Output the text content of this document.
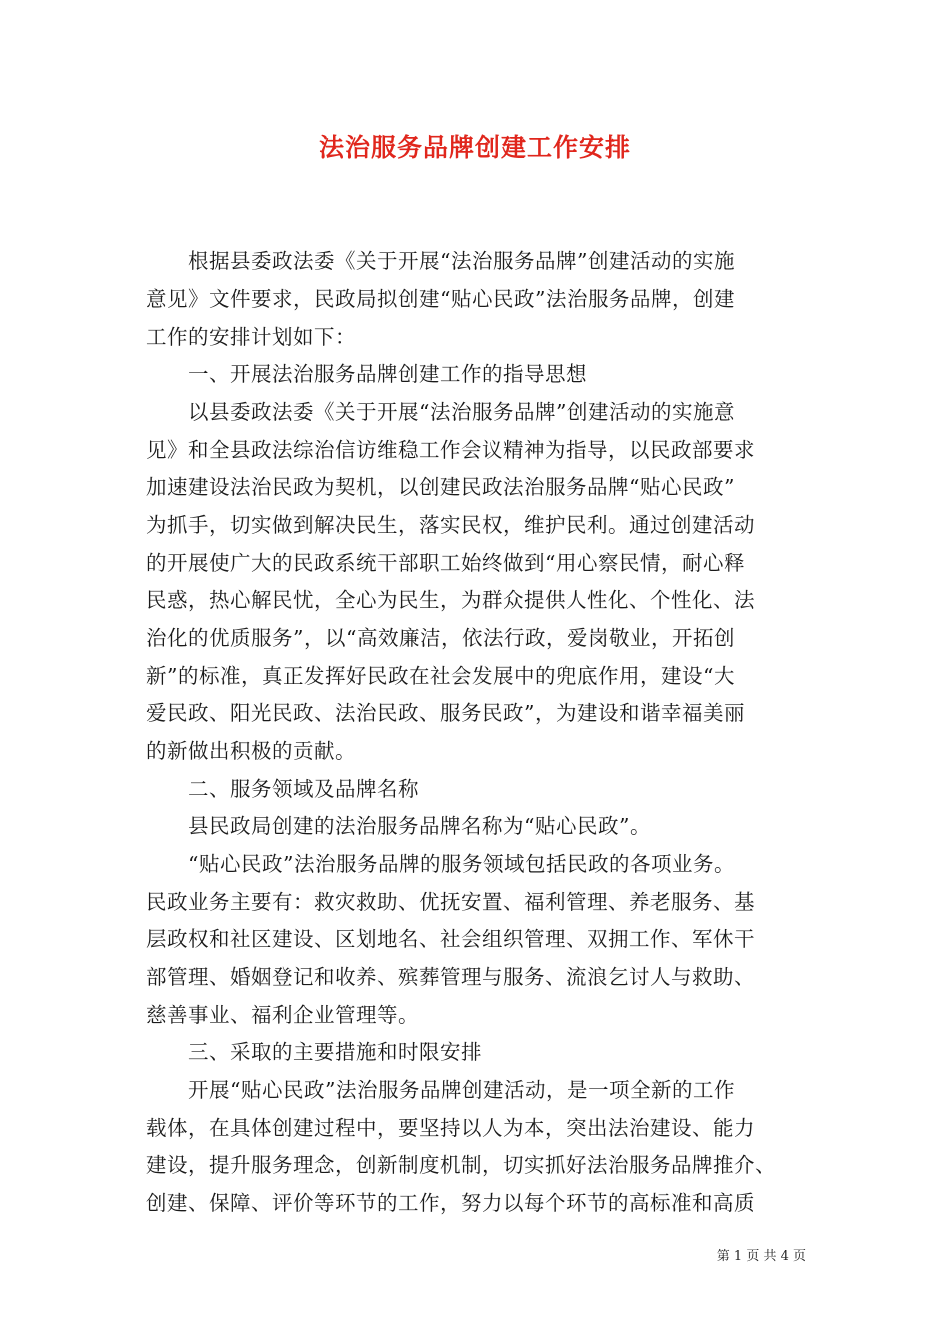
法治服务品牌创建工作安排
　　根据县委政法委《关于开展“法治服务品牌”创建活动的实施
意见》文件要求，民政局拟创建“贴心民政”法治服务品牌，创建
工作的安排计划如下：
　　一、开展法治服务品牌创建工作的指导思想
　　以县委政法委《关于开展“法治服务品牌”创建活动的实施意
见》和全县政法综治信访维稳工作会议精神为指导，以民政部要求
加速建设法治民政为契机，以创建民政法治服务品牌“贴心民政”
为抓手，切实做到解决民生，落实民权，维护民利。通过创建活动
的开展使广大的民政系统干部职工始终做到“用心察民情，耐心释
民惑，热心解民忧，全心为民生，为群众提供人性化、个性化、法
治化的优质服务”，以“高效廉洁，依法行政，爱岗敬业，开拓创
新”的标准，真正发挥好民政在社会发展中的兜底作用，建设“大
爱民政、阳光民政、法治民政、服务民政”，为建设和谐幸福美丽
的新做出积极的贡献。
　　二、服务领域及品牌名称
　　县民政局创建的法治服务品牌名称为“贴心民政”。
　　“贴心民政”法治服务品牌的服务领域包括民政的各项业务。
民政业务主要有：救灾救助、优抚安置、福利管理、养老服务、基
层政权和社区建设、区划地名、社会组织管理、双拥工作、军休干
部管理、婚姻登记和收养、殡葬管理与服务、流浪乞讨人与救助、
慈善事业、福利企业管理等。
　　三、采取的主要措施和时限安排
　　开展“贴心民政”法治服务品牌创建活动，是一项全新的工作
载体，在具体创建过程中，要坚持以人为本，突出法治建设、能力
建设，提升服务理念，创新制度机制，切实抓好法治服务品牌推介、
创建、保障、评价等环节的工作，努力以每个环节的高标准和高质
第 1 页 共 4 页
